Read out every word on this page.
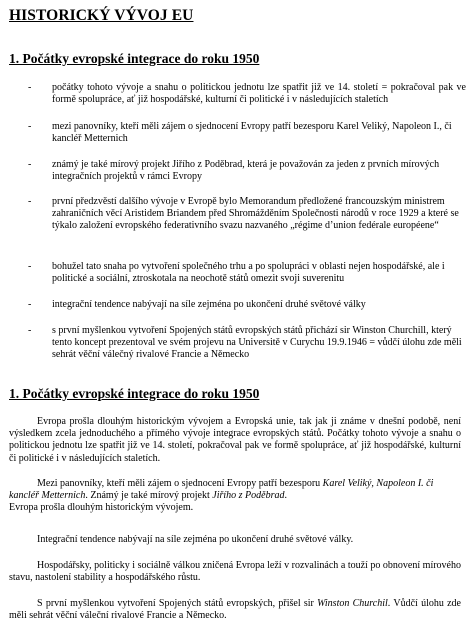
HISTORICKÝ VÝVOJ EU
1. Počátky evropské integrace do roku 1950
- počátky tohoto vývoje a snahu o politickou jednotu lze spatřit již ve 14. století = pokračoval pak ve formě spolupráce, ať již hospodářské, kulturní či politické i v následujících staletích
- mezi panovníky, kteří měli zájem o sjednocení Evropy patří bezesporu Karel Veliký, Napoleon I., či kancléř Metternich
- známý je také mírový projekt Jiřího z Poděbrad, která je považován za jeden z prvních mírových integračních projektů v rámci Evropy
- první předzvěstí dalšího vývoje v Evropě bylo Memorandum předložené francouzským ministrem zahraničních věcí Aristidem Briandem před Shromážděním Společnosti národů v roce 1929 a které se týkalo založení evropského federativního svazu nazvaného „régime d’union fedérale européene“
- bohužel tato snaha po vytvoření společného trhu a po spolupráci v oblasti nejen hospodářské, ale i politické a sociální, ztroskotala na neochotě států omezit svoji suverenitu
- integrační tendence nabývají na síle zejména po ukončení druhé světové války
- s první myšlenkou vytvoření Spojených států evropských států přichází sir Winston Churchill, který tento koncept prezentoval ve svém projevu na Universitě v Curychu 19.9.1946 = vůdčí úlohu zde měli sehrát věční válečný rivalové Francie a Německo
1. Počátky evropské integrace do roku 1950

Evropa prošla dlouhým historickým vývojem a Evropská unie, tak jak ji známe v dnešní podobě, není výsledkem zcela jednoduchého a přímého vývoje integrace evropských států. Počátky tohoto vývoje a snahu o politickou jednotu lze spatřit již ve 14. století, pokračoval pak ve formě spolupráce, ať již hospodářské, kulturní či politické i v následujících staletích.

Mezi panovníky, kteří měli zájem o sjednocení Evropy patří bezesporu Karel Veliký, Napoleon I. či kancléř Metternich. Známý je také mírový projekt Jiřího z Poděbrad.
Evropa prošla dlouhým historickým vývojem.

Integrační tendence nabývají na síle zejména po ukončení druhé světové války.

Hospodářsky, politicky i sociálně válkou zničená Evropa leží v rozvalinách a touží po obnovení mírového stavu, nastolení stability a hospodářského růstu.

S první myšlenkou vytvoření Spojených států evropských, přišel sir Winston Churchil. Vůdčí úlohu zde měli sehrát věční váleční rivalové Francie a Německo.
